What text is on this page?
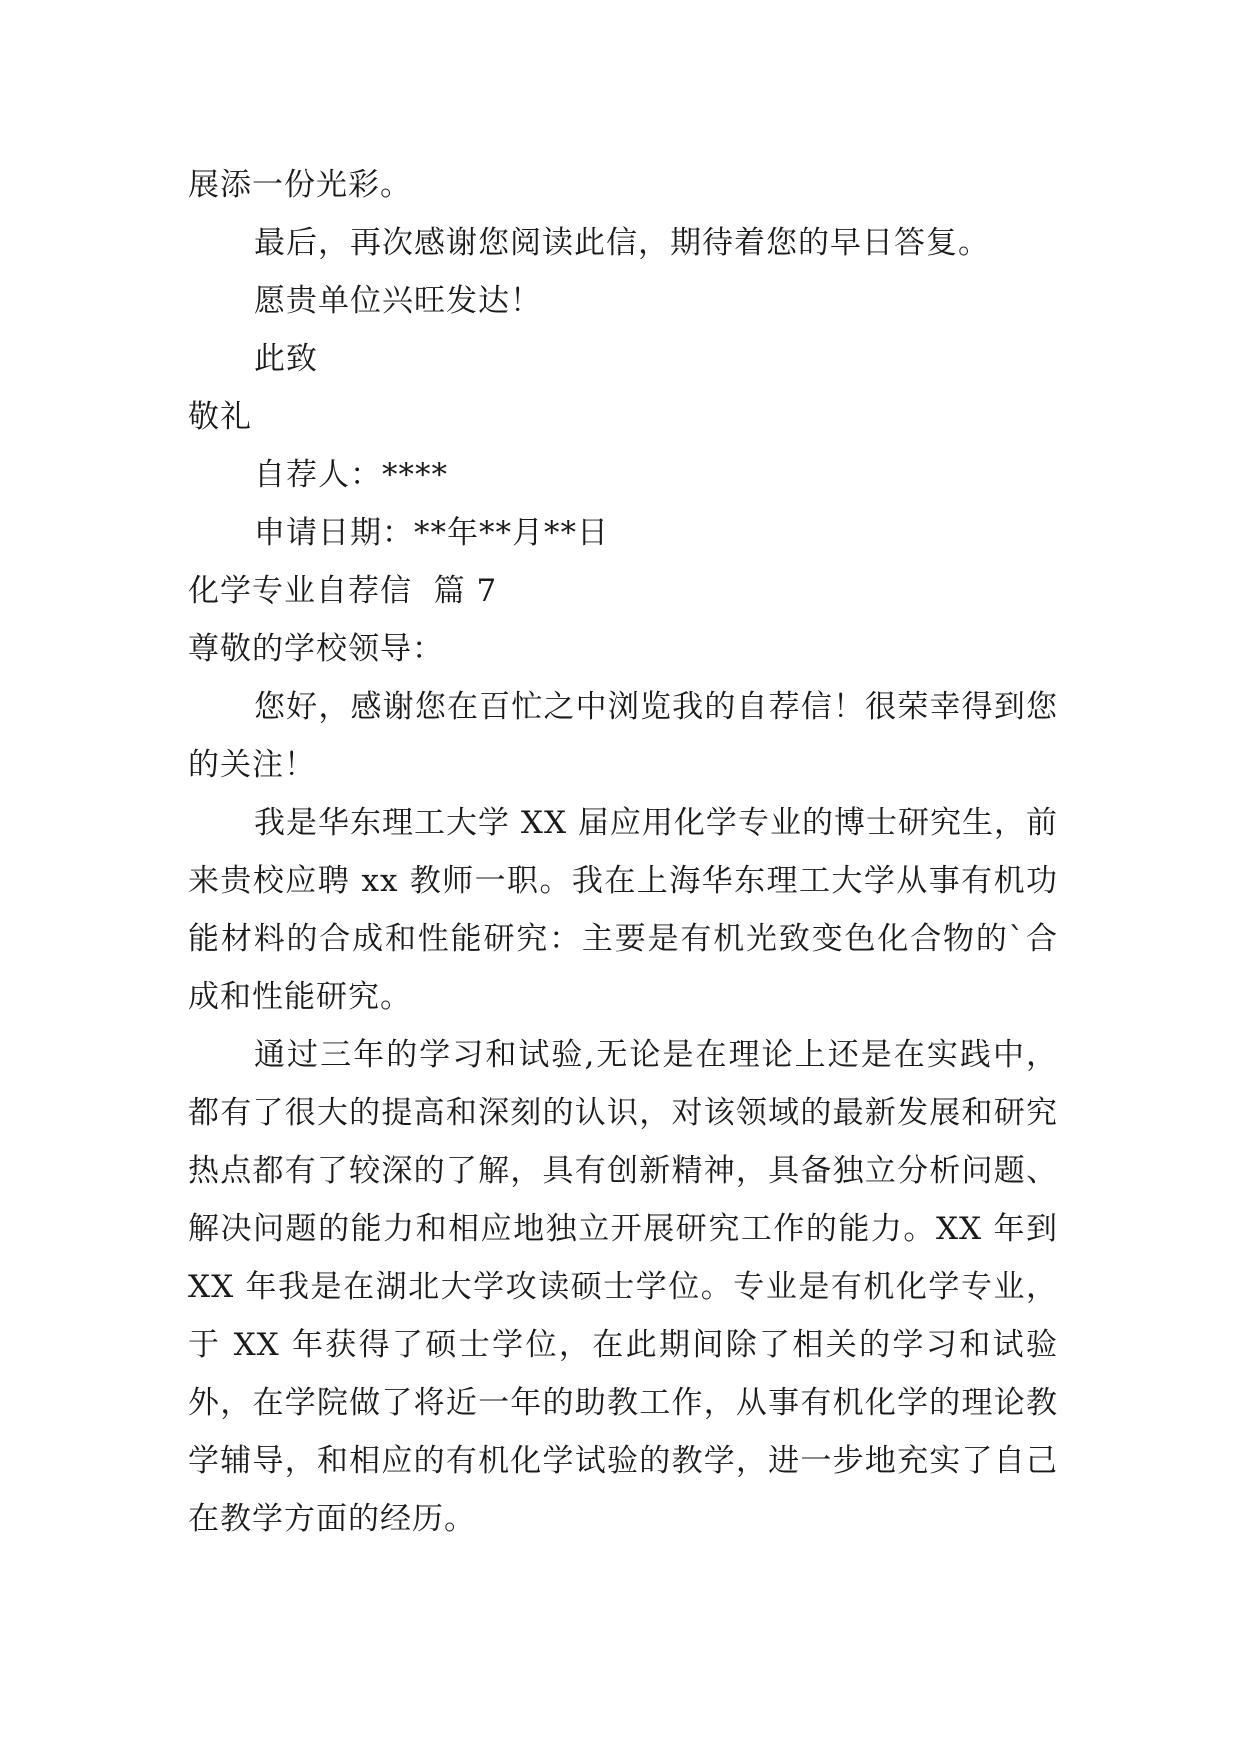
展添一份光彩。
最后，再次感谢您阅读此信，期待着您的早日答复。
愿贵单位兴旺发达！
此致
敬礼
自荐人：****
申请日期：**年**月**日
化学专业自荐信  篇 7
尊敬的学校领导：

您好，感谢您在百忙之中浏览我的自荐信！很荣幸得到您的关注！

我是华东理工大学 XX 届应用化学专业的博士研究生，前来贵校应聘 xx 教师一职。我在上海华东理工大学从事有机功能材料的合成和性能研究：主要是有机光致变色化合物的`合成和性能研究。

通过三年的学习和试验,无论是在理论上还是在实践中，都有了很大的提高和深刻的认识，对该领域的最新发展和研究热点都有了较深的了解，具有创新精神，具备独立分析问题、解决问题的能力和相应地独立开展研究工作的能力。XX 年到 XX 年我是在湖北大学攻读硕士学位。专业是有机化学专业，于 XX 年获得了硕士学位，在此期间除了相关的学习和试验外，在学院做了将近一年的助教工作，从事有机化学的理论教学辅导，和相应的有机化学试验的教学，进一步地充实了自己在教学方面的经历。
